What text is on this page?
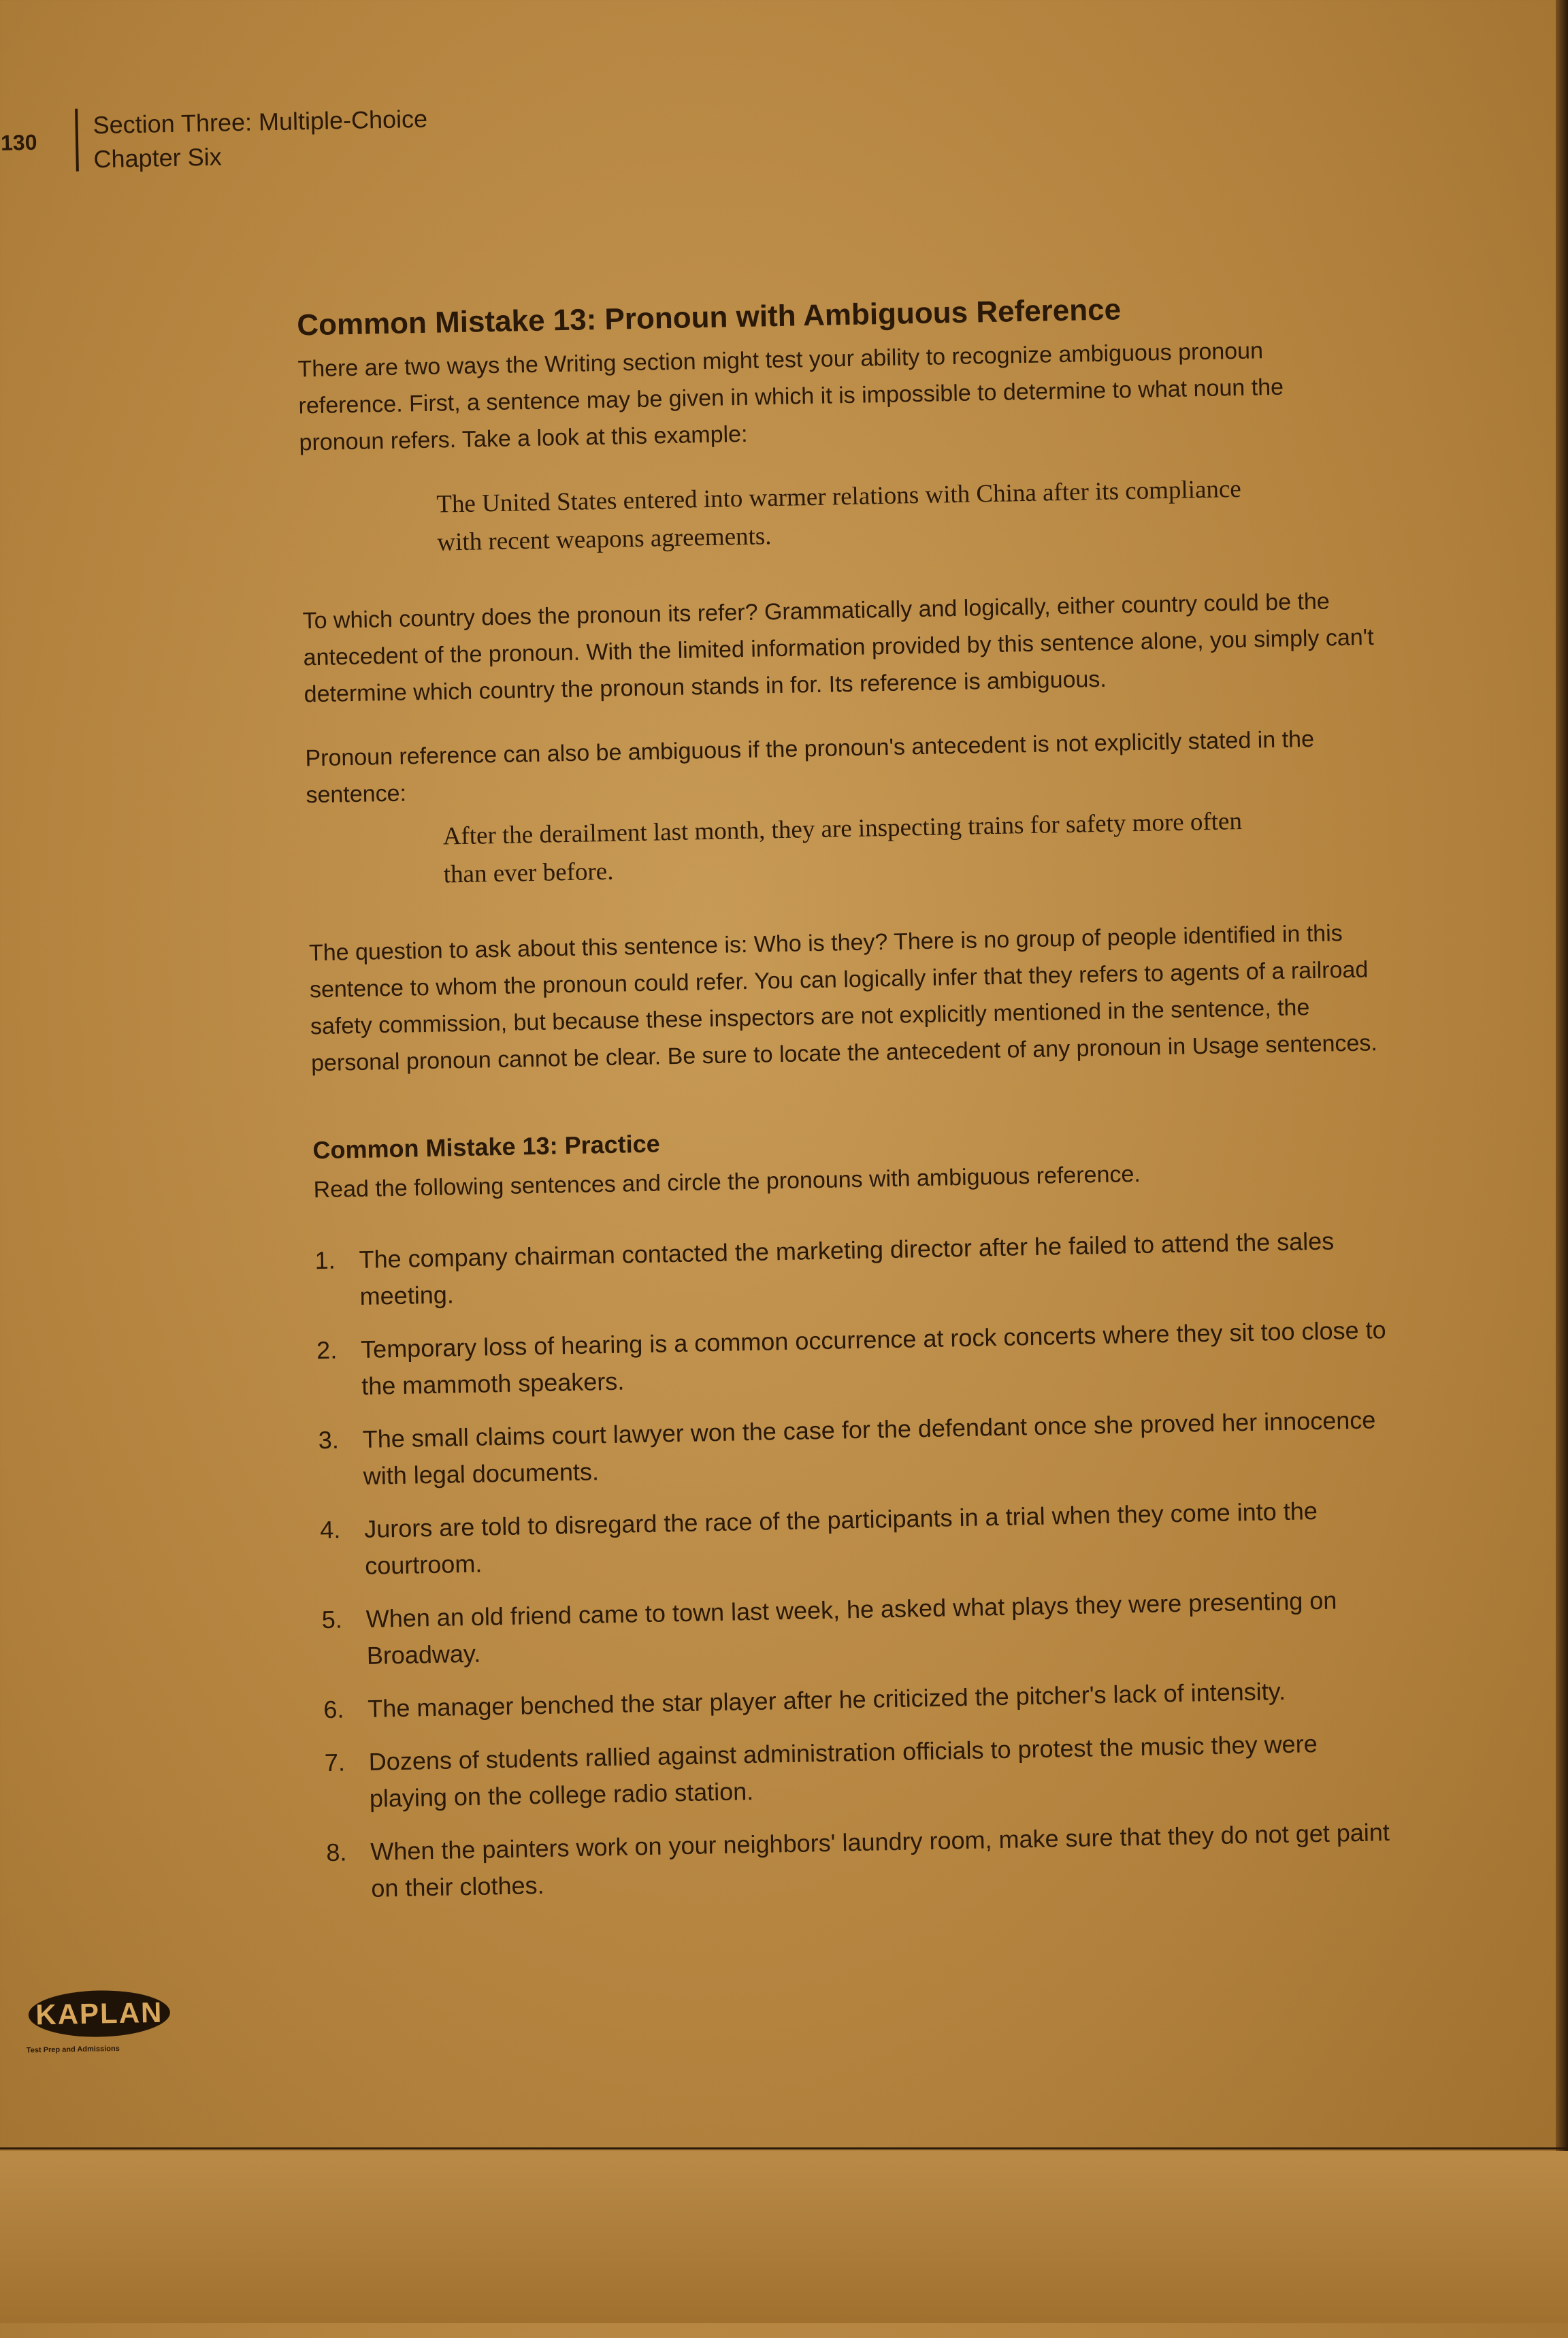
130
Section Three: Multiple-Choice
Chapter Six
Common Mistake 13: Pronoun with Ambiguous Reference

There are two ways the Writing section might test your ability to recognize ambiguous pronoun reference. First, a sentence may be given in which it is impossible to determine to what noun the pronoun refers. Take a look at this example:

The United States entered into warmer relations with China after its compliance with recent weapons agreements.

To which country does the pronoun its refer? Grammatically and logically, either country could be the antecedent of the pronoun. With the limited information provided by this sentence alone, you simply can't determine which country the pronoun stands in for. Its reference is ambiguous.

Pronoun reference can also be ambiguous if the pronoun's antecedent is not explicitly stated in the sentence:

After the derailment last month, they are inspecting trains for safety more often than ever before.

The question to ask about this sentence is: Who is they? There is no group of people identified in this sentence to whom the pronoun could refer. You can logically infer that they refers to agents of a railroad safety commission, but because these inspectors are not explicitly mentioned in the sentence, the personal pronoun cannot be clear. Be sure to locate the antecedent of any pronoun in Usage sentences.

Common Mistake 13: Practice

Read the following sentences and circle the pronouns with ambiguous reference.

1. The company chairman contacted the marketing director after he failed to attend the sales meeting.
2. Temporary loss of hearing is a common occurrence at rock concerts where they sit too close to the mammoth speakers.
3. The small claims court lawyer won the case for the defendant once she proved her innocence with legal documents.
4. Jurors are told to disregard the race of the participants in a trial when they come into the courtroom.
5. When an old friend came to town last week, he asked what plays they were presenting on Broadway.
6. The manager benched the star player after he criticized the pitcher's lack of intensity.
7. Dozens of students rallied against administration officials to protest the music they were playing on the college radio station.
8. When the painters work on your neighbors' laundry room, make sure that they do not get paint on their clothes.
KAPLAN
Test Prep and Admissions
